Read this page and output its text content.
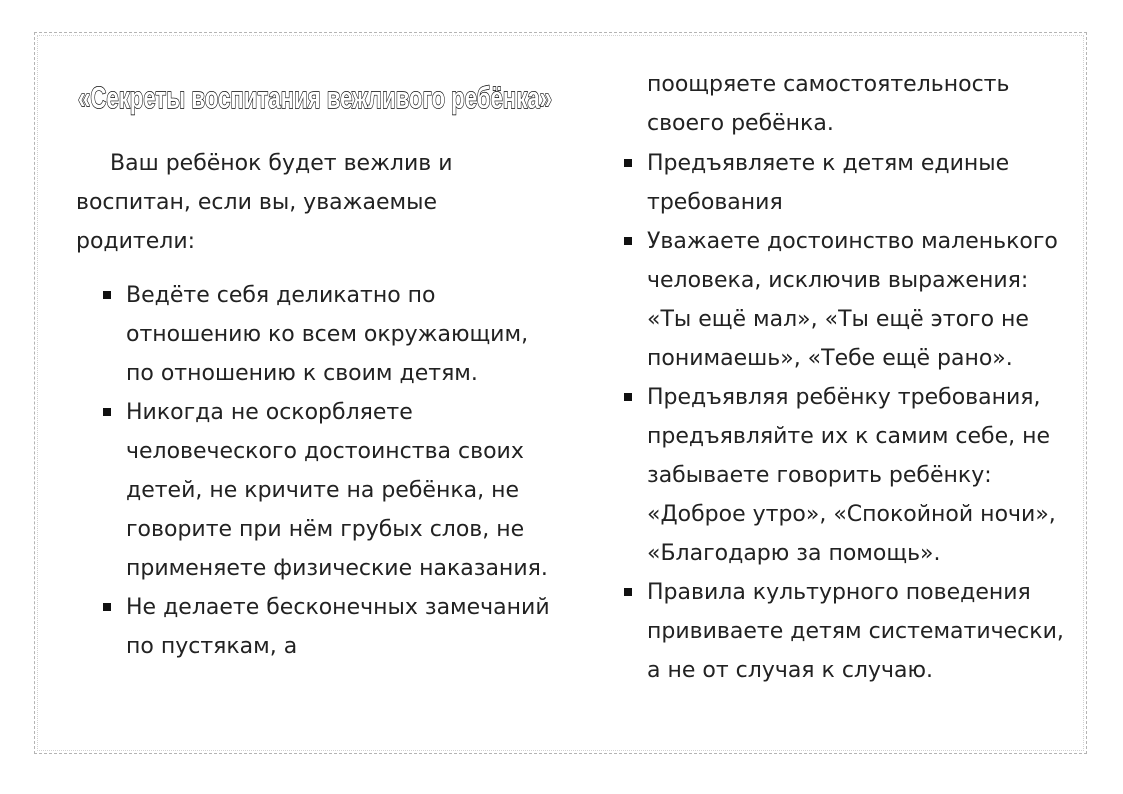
«Секреты воспитания вежливого ребёнка»

Ваш ребёнок будет вежлив и воспитан, если вы, уважаемые родители:

Ведёте себя деликатно по отношению ко всем окружающим, по отношению к своим детям.
Никогда не оскорбляете человеческого достоинства своих детей, не кричите на ребёнка, не говорите при нём грубых слов, не применяете физические наказания.
Не делаете бесконечных замечаний по пустякам, а

поощряете самостоятельность своего ребёнка.

Предъявляете к детям единые требования
Уважаете достоинство маленького человека, исключив выражения: «Ты ещё мал», «Ты ещё этого не понимаешь», «Тебе ещё рано».
Предъявляя ребёнку требования, предъявляйте их к самим себе, не забываете говорить ребёнку: «Доброе утро», «Спокойной ночи», «Благодарю за помощь».
Правила культурного поведения прививаете детям систематически, а не от случая к случаю.
